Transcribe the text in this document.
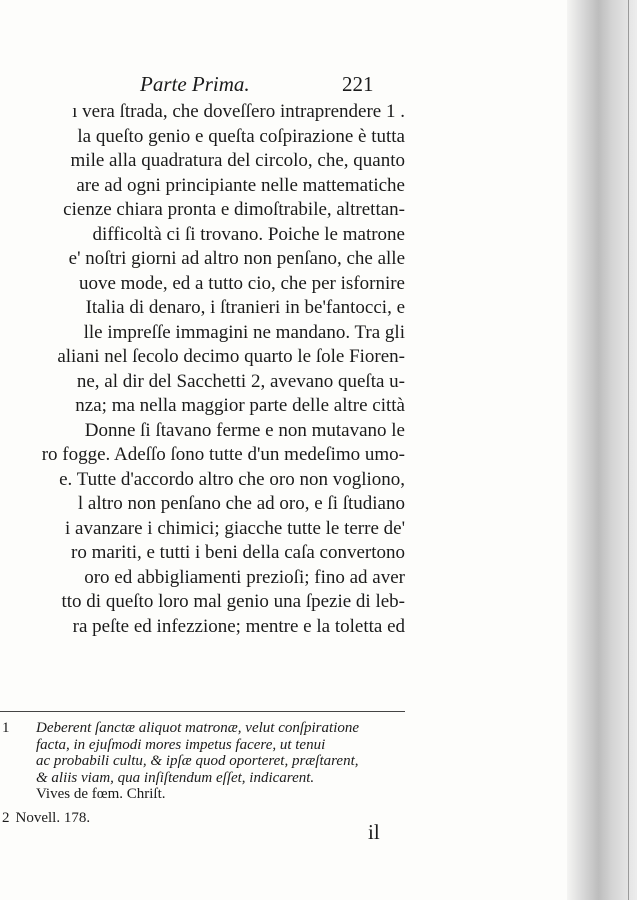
Parte Prima.	221
ı vera ſtrada, che doveſſero intraprendere 1 .
la queſto genio e queſta coſpirazione è tutta
mile alla quadratura del circolo, che, quanto
are ad ogni principiante nelle mattematiche
cienze chiara pronta e dimoſtrabile, altrettan-
difficoltà ci ſi trovano. Poiche le matrone
e' noſtri giorni ad altro non penſano, che alle
uove mode, ed a tutto cio, che per isfornire
Italia di denaro, i ſtranieri in be'fantocci, e
lle impreſſe immagini ne mandano. Tra gli
aliani nel ſecolo decimo quarto le ſole Fioren-
ne, al dir del Sacchetti 2, avevano queſta u-
nza; ma nella maggior parte delle altre città
Donne ſi ſtavano ferme e non mutavano le
ro fogge. Adeſſo ſono tutte d'un medeſimo umo-
e. Tutte d'accordo altro che oro non vogliono,
l altro non penſano che ad oro, e ſi ſtudiano
i avanzare i chimici; giacche tutte le terre de'
ro mariti, e tutti i beni della caſa convertono
oro ed abbigliamenti prezioſi; fino ad aver
tto di queſto loro mal genio una ſpezie di leb-
ra peſte ed infezzione; mentre e la toletta ed
1 Deberent ſanctæ aliquot matronæ, velut conſpiratione
facta, in ejuſmodi mores impetus facere, ut tenui
ac probabili cultu, & ipſæ quod oporteret, præſtarent,
& aliis viam, qua inſiſtendum eſſet, indicarent.
Vives de fœm. Chriſt.
2 Novell. 178.
il
